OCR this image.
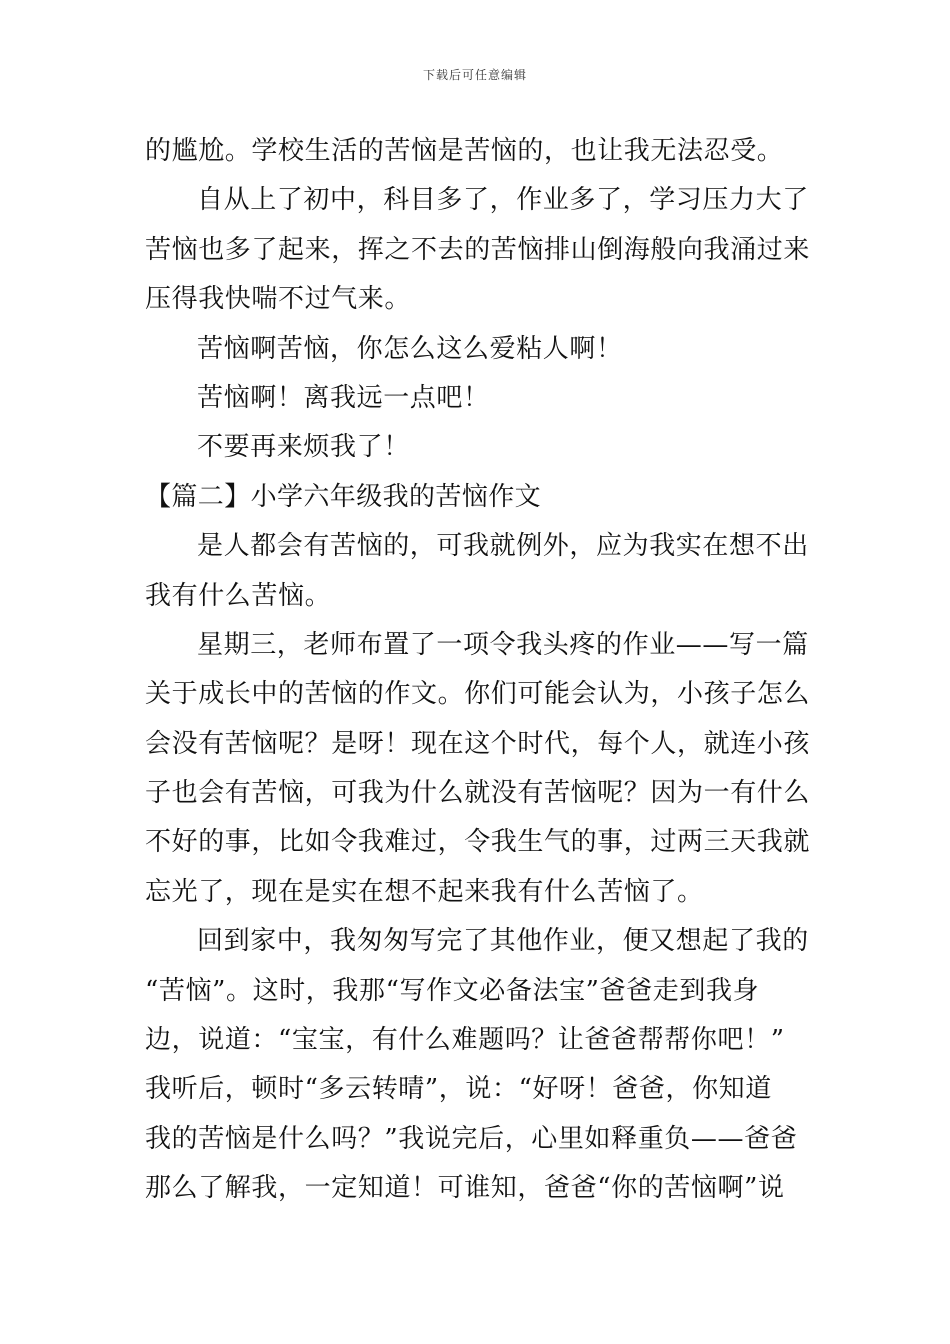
下载后可任意编辑
的尴尬。学校生活的苦恼是苦恼的，也让我无法忍受。
自从上了初中，科目多了，作业多了，学习压力大了
苦恼也多了起来，挥之不去的苦恼排山倒海般向我涌过来
压得我快喘不过气来。
苦恼啊苦恼，你怎么这么爱粘人啊！
苦恼啊！离我远一点吧！
不要再来烦我了！
【篇二】小学六年级我的苦恼作文
是人都会有苦恼的，可我就例外，应为我实在想不出
我有什么苦恼。
星期三，老师布置了一项令我头疼的作业——写一篇
关于成长中的苦恼的作文。你们可能会认为，小孩子怎么
会没有苦恼呢？是呀！现在这个时代，每个人，就连小孩
子也会有苦恼，可我为什么就没有苦恼呢？因为一有什么
不好的事，比如令我难过，令我生气的事，过两三天我就
忘光了，现在是实在想不起来我有什么苦恼了。
回到家中，我匆匆写完了其他作业，便又想起了我的
“苦恼”。这时，我那“写作文必备法宝”爸爸走到我身
边，说道：“宝宝，有什么难题吗？让爸爸帮帮你吧！”
我听后，顿时“多云转晴”，说：“好呀！爸爸，你知道
我的苦恼是什么吗？”我说完后，心里如释重负——爸爸
那么了解我，一定知道！可谁知，爸爸“你的苦恼啊”说
